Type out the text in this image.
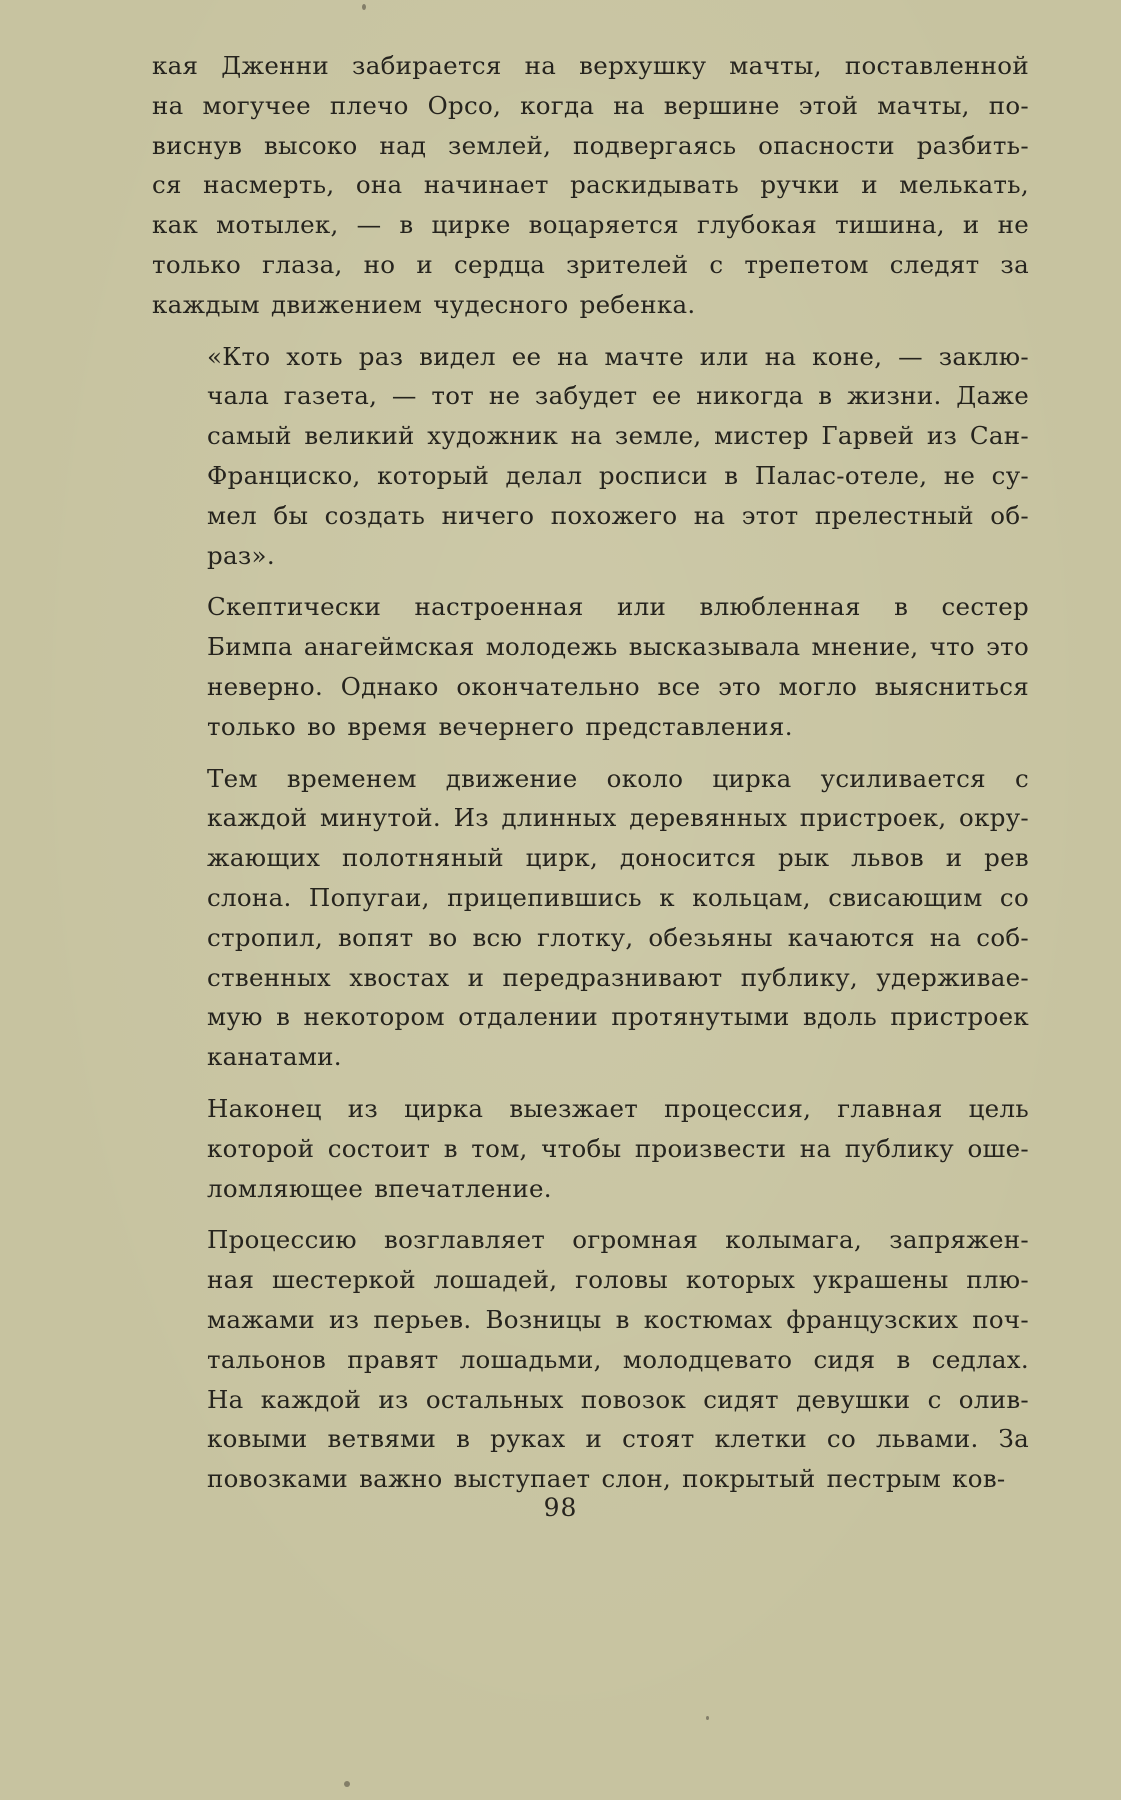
кая Дженни забирается на верхушку мачты, поставленной
на могучее плечо Орсо, когда на вершине этой мачты, по-
виснув высоко над землей, подвергаясь опасности разбить-
ся насмерть, она начинает раскидывать ручки и мелькать,
как мотылек, — в цирке воцаряется глубокая тишина, и не
только глаза, но и сердца зрителей с трепетом следят за
каждым движением чудесного ребенка.

«Кто хоть раз видел ее на мачте или на коне, — заклю-
чала газета, — тот не забудет ее никогда в жизни. Даже
самый великий художник на земле, мистер Гарвей из Сан-
Франциско, который делал росписи в Палас-отеле, не су-
мел бы создать ничего похожего на этот прелестный об-
раз».

Скептически настроенная или влюбленная в сестер
Бимпа анагеймская молодежь высказывала мнение, что это
неверно. Однако окончательно все это могло выясниться
только во время вечернего представления.

Тем временем движение около цирка усиливается с
каждой минутой. Из длинных деревянных пристроек, окру-
жающих полотняный цирк, доносится рык львов и рев
слона. Попугаи, прицепившись к кольцам, свисающим со
стропил, вопят во всю глотку, обезьяны качаются на соб-
ственных хвостах и передразнивают публику, удерживае-
мую в некотором отдалении протянутыми вдоль пристроек
канатами.

Наконец из цирка выезжает процессия, главная цель
которой состоит в том, чтобы произвести на публику ошe-
ломляющее впечатление.

Процессию возглавляет огромная колымага, запряжен-
ная шестеркой лошадей, головы которых украшены плю-
мажами из перьев. Возницы в костюмах французских поч-
тальонов правят лошадьми, молодцевато сидя в седлах.
На каждой из остальных повозок сидят девушки с олив-
ковыми ветвями в руках и стоят клетки со львами. За
повозками важно выступает слон, покрытый пестрым ков-

98
